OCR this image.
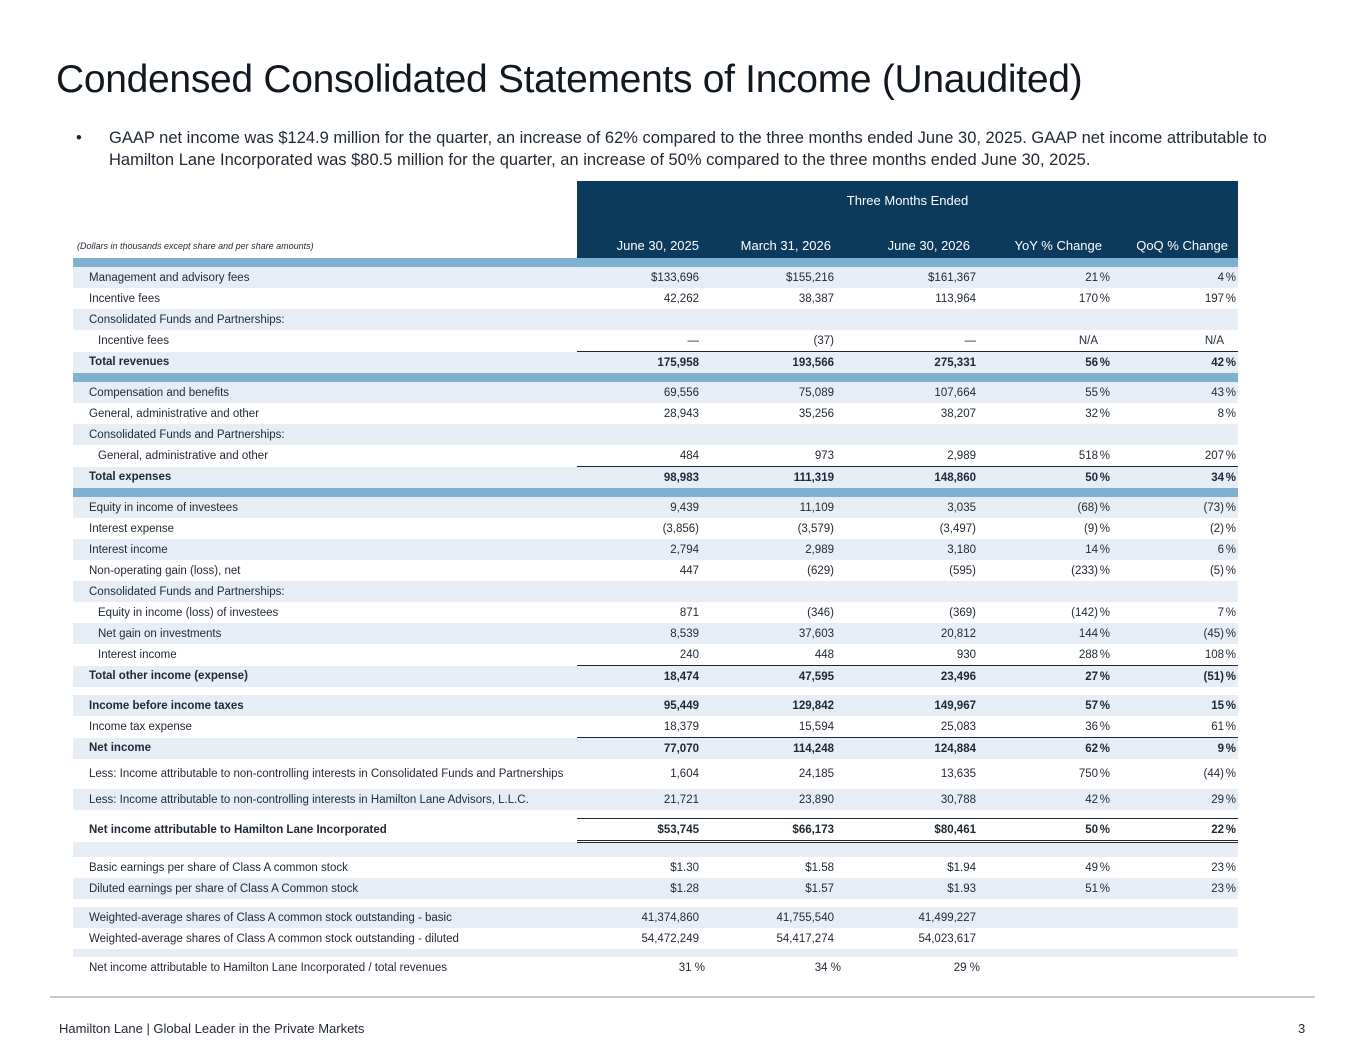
Condensed Consolidated Statements of Income (Unaudited)
• GAAP net income was $124.9 million for the quarter, an increase of 62% compared to the three months ended June 30, 2025. GAAP net income attributable to Hamilton Lane Incorporated was $80.5 million for the quarter, an increase of 50% compared to the three months ended June 30, 2025.
	Three Months Ended				
(Dollars in thousands except share and per share amounts)	June 30, 2025	March 31, 2026	June 30, 2026	YoY % Change	QoQ % Change

Management and advisory fees	$133,696	$155,216	$161,367	21 %	4 %

Incentive fees	42,262	38,387	113,964	170 %	197 %

Consolidated Funds and Partnerships:					
Incentive fees	—	(37)	—	N/A	N/A

Total revenues	175,958	193,566	275,331	56 %	42 %

Compensation and benefits	69,556	75,089	107,664	55 %	43 %

General, administrative and other	28,943	35,256	38,207	32 %	8 %

Consolidated Funds and Partnerships:					
General, administrative and other	484	973	2,989	518 %	207 %

Total expenses	98,983	111,319	148,860	50 %	34 %

Equity in income of investees	9,439	11,109	3,035	(68) %	(73) %

Interest expense	(3,856)	(3,579)	(3,497)	(9) %	(2) %

Interest income	2,794	2,989	3,180	14 %	6 %

Non-operating gain (loss), net	447	(629)	(595)	(233) %	(5) %

Consolidated Funds and Partnerships:					
Equity in income (loss) of investees	871	(346)	(369)	(142) %	7 %

Net gain on investments	8,539	37,603	20,812	144 %	(45) %

Interest income	240	448	930	288 %	108 %

Total other income (expense)	18,474	47,595	23,496	27 %	(51) %

Income before income taxes	95,449	129,842	149,967	57 %	15 %

Income tax expense	18,379	15,594	25,083	36 %	61 %

Net income	77,070	114,248	124,884	62 %	9 %

Less: Income attributable to non-controlling interests in Consolidated Funds and Partnerships	1,604	24,185	13,635	750 %	(44) %

Less: Income attributable to non-controlling interests in Hamilton Lane Advisors, L.L.C.	21,721	23,890	30,788	42 %	29 %

Net income attributable to Hamilton Lane Incorporated	$53,745	$66,173	$80,461	50 %	22 %

Basic earnings per share of Class A common stock	$1.30	$1.58	$1.94	49 %	23 %

Diluted earnings per share of Class A Common stock	$1.28	$1.57	$1.93	51 %	23 %

Weighted-average shares of Class A common stock outstanding - basic	41,374,860	41,755,540	41,499,227		
Weighted-average shares of Class A common stock outstanding - diluted	54,472,249	54,417,274	54,023,617		

Net income attributable to Hamilton Lane Incorporated / total revenues	31 %	34 %	29 %		
Hamilton Lane | Global Leader in the Private Markets	3
